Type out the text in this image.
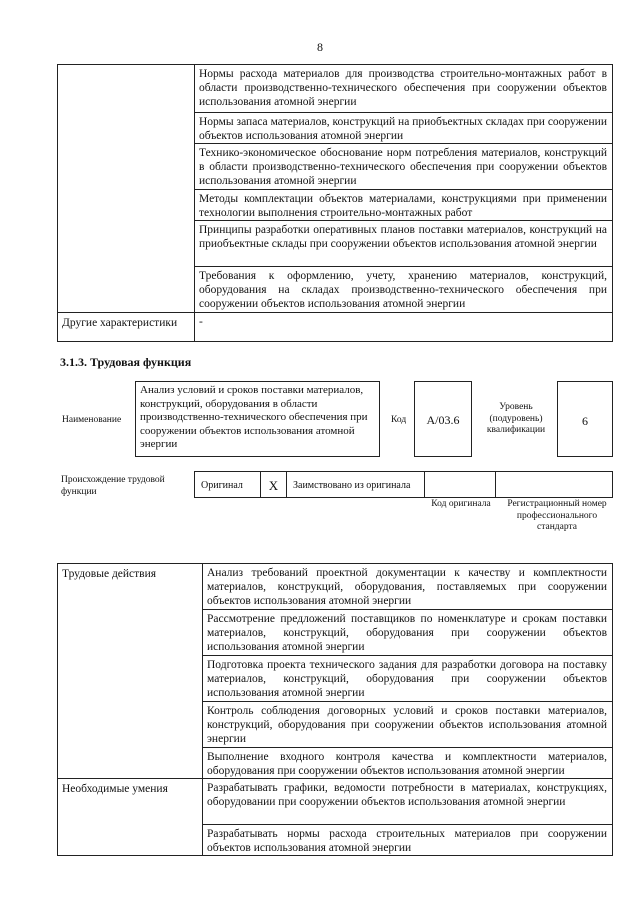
8
	Нормы расхода материалов для производства строительно-монтажных работ в области производственно-технического обеспечения при сооружении объектов использования атомной энергии
	Нормы запаса материалов, конструкций на приобъектных складах при сооружении объектов использования атомной энергии
	Технико-экономическое обоснование норм потребления материалов, конструкций в области производственно-технического обеспечения при сооружении объектов использования атомной энергии
	Методы комплектации объектов материалами, конструкциями при применении технологии выполнения строительно-монтажных работ
	Принципы разработки оперативных планов поставки материалов, конструкций на приобъектные склады при сооружении объектов использования атомной энергии
	Требования к оформлению, учету, хранению материалов, конструкций, оборудования на складах производственно-технического обеспечения при сооружении объектов использования атомной энергии
Другие характеристики	-
3.1.3. Трудовая функция
Наименование
Анализ условий и сроков поставки материалов, конструкций, оборудования в области производственно-технического обеспечения при сооружении объектов использования атомной энергии
Код	А/03.6
Уровень (подуровень) квалификации
6
Происхождение трудовой функции
Оригинал	X	Заимствовано из оригинала
Код оригинала	Регистрационный номер профессионального стандарта
Трудовые действия	Анализ требований проектной документации к качеству и комплектности материалов, конструкций, оборудования, поставляемых при сооружении объектов использования атомной энергии
	Рассмотрение предложений поставщиков по номенклатуре и срокам поставки материалов, конструкций, оборудования при сооружении объектов использования атомной энергии
	Подготовка проекта технического задания для разработки договора на поставку материалов, конструкций, оборудования при сооружении объектов использования атомной энергии
	Контроль соблюдения договорных условий и сроков поставки материалов, конструкций, оборудования при сооружении объектов использования атомной энергии
	Выполнение входного контроля качества и комплектности материалов, оборудования при сооружении объектов использования атомной энергии
Необходимые умения	Разрабатывать графики, ведомости потребности в материалах, конструкциях, оборудовании при сооружении объектов использования атомной энергии
	Разрабатывать нормы расхода строительных материалов при сооружении объектов использования атомной энергии
